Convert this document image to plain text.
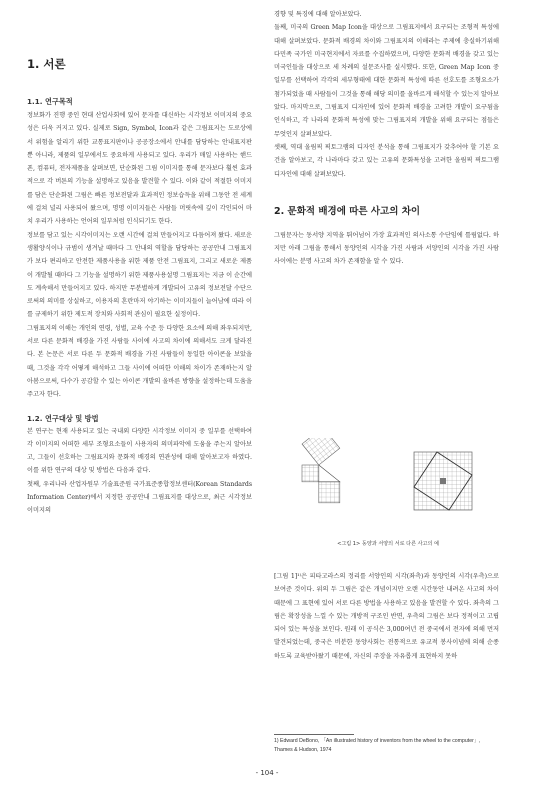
1. 서론
1.1. 연구목적

정보화가 진행 중인 현대 산업사회에 있어 문자를 대신하는 시각정보 이미지의 중요성은 더욱 커지고 있다. 실제로 Sign, Symbol, Icon과 같은 그림표지는 도로상에서 위험을 알리기 위한 교통표지판이나 공공장소에서 안내를 담당하는 안내표지판 뿐 아니라, 제품의 일부에서도 중요하게 사용되고 있다. 우리가 매일 사용하는 핸드폰, 컴퓨터, 전자제품을 살펴보면, 단순화된 그림 이미지를 통해 문자보다 훨씬 효과적으로 각 버튼의 기능을 설명하고 있음을 발견할 수 있다. 이와 같이 적절한 이미지를 담은 단순화된 그림은 빠른 정보전달과 효과적인 정보습득을 위해 그동안 전 세계에 걸쳐 널리 사용되어 왔으며, 명명 이미지들은 사람들 머릿속에 깊이 각인되어 마치 우리가 사용하는 언어의 일부처럼 인식되기도 한다.

정보를 담고 있는 시각이미지는 오랜 시간에 걸쳐 만들어지고 다듬어져 왔다. 새로운 생활양식이나 규범이 생겨날 때마다 그 안내의 역할을 담당하는 공공안내 그림표지가 보다 편리하고 안전한 제품사용을 위한 제품 안전 그림표지, 그리고 새로운 제품이 개발될 때마다 그 기능을 설명하기 위한 제품사용설명 그림표지는 지금 이 순간에도 계속해서 만들어지고 있다. 하지만 무분별하게 개발되어 고유의 정보전달 수단으로써의 의미를 상실하고, 이용자의 혼란마저 야기하는 이미지들이 늘어남에 따라 이를 규제하기 위한 제도적 장치와 사회적 관심이 필요한 실정이다.

그림표지의 이해는 개인의 연령, 성별, 교육 수준 등 다양한 요소에 의해 좌우되지만, 서로 다른 문화적 배경을 가진 사람들 사이에 사고의 차이에 의해서도 크게 달라진다. 본 논문은 서로 다른 두 문화적 배경을 가진 사람들이 동일한 아이콘을 보았을 때, 그것을 각각 어떻게 해석하고 그들 사이에 어떠한 이해의 차이가 존재하는지 알아봄으로써, 다수가 공감할 수 있는 아이콘 개발의 올바른 방향을 설정하는데 도움을 주고자 한다.

1.2. 연구대상 및 방법

본 연구는 현재 사용되고 있는 국내외 다양한 시각정보 이미지 중 일부를 선택하여 각 이미지의 어떠한 세부 조형요소들이 사용자의 의미파악에 도움을 주는지 알아보고, 그들이 선호하는 그림표지와 문화적 배경의 연관성에 대해 알아보고자 하였다. 이를 위한 연구의 대상 및 방법은 다음과 같다.

첫째, 우리나라 산업자원부 기술표준원 국가표준종합정보센터(Korean Standards Information Center)에서 지정한 공공안내 그림표지를 대상으로, 최근 시각정보 이미지의

경향 및 특징에 대해 알아보았다.

둘째, 미국의 Green Map Icon을 대상으로 그림표지에서 요구되는 조형적 특성에 대해 살펴보았다. 문화적 배경의 차이와 그림표지의 이해라는 주제에 충실하기위해 다민족 국가인 미국현지에서 자료를 수집하였으며, 다양한 문화적 배경을 갖고 있는 미국인들을 대상으로 세 차례의 설문조사를 실시했다. 또한, Green Map Icon 중 일부를 선택하여 각각의 세부형태에 대한 문화적 특성에 따른 선호도를 조형요소가 첨가되었을 때 사람들이 그것을 통해 해당 의미를 올바르게 해석할 수 있는지 알아보았다. 마지막으로, 그림표지 디자인에 있어 문화적 배경을 고려한 개발이 요구됨을 인식하고, 각 나라의 문화적 특성에 맞는 그림표지의 개발을 위해 요구되는 점들은 무엇인지 살펴보았다.

셋째, 역대 올림픽 픽토그램의 디자인 분석을 통해 그림표지가 갖추어야 할 기본 요건을 알아보고, 각 나라마다 갖고 있는 고유의 문화특성을 고려한 올림픽 픽토그램 디자인에 대해 살펴보았다.

2. 문화적 배경에 따른 사고의 차이

그림문자는 동서양 지역을 뛰어넘어 가장 효과적인 의사소통 수단임에 틀림없다. 하지만 아래 그림을 통해서 동양인의 시각을 가진 사람과 서양인의 시각을 가진 사람 사이에는 분명 사고의 차가 존재함을 알 수 있다.

<그림 1> 동양과 서양의 서로 다른 사고의 예

[그림 1]¹⁾은 피타고라스의 정리를 서양인의 시각(좌측)과 동양인의 시각(우측)으로 보여준 것이다. 위의 두 그림은 같은 개념이지만 오랜 시간동안 내려온 사고의 차이 때문에 그 표현에 있어 서로 다른 방법을 사용하고 있음을 발견할 수 있다. 좌측의 그림은 확장성을 느낄 수 있는 개방적 구조인 반면, 우측의 그림은 보다 정적이고 고립되어 있는 특성을 보인다. 원래 이 공식은 3,000여년 전 중국에서 전자에 의해 먼저 발견되었는데, 중국은 비분한 동양사회는 전통적으로 유교적 봉사이념에 의해 순종하도록 교육받아왔기 때문에, 자신의 주장을 자유롭게 표현하지 못하

1) Edward DeBono, 「An illustrated history of inventors from the wheel to the computer」, Thames & Hudson, 1974
- 104 -
